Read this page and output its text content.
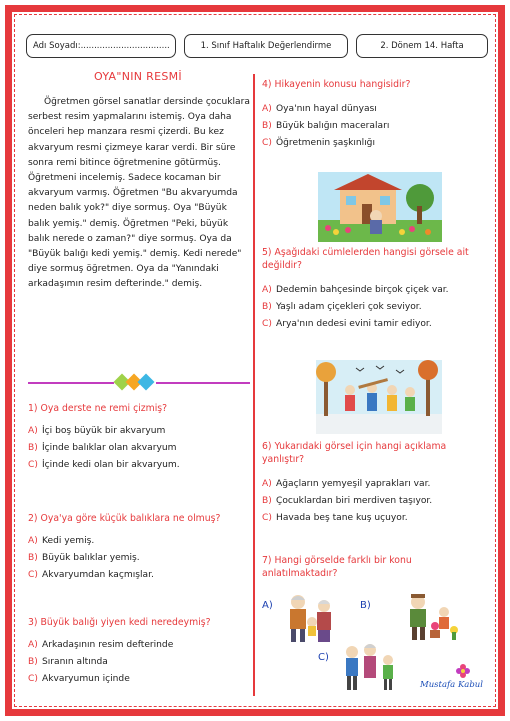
Adı Soyadı:.................................	1. Sınıf Haftalık Değerlendirme	2. Dönem 14. Hafta
OYA"NIN RESMİ

Öğretmen görsel sanatlar dersinde çocuklara serbest resim yapmalarını istemiş. Oya daha önceleri hep manzara resmi çizerdi. Bu kez akvaryum resmi çizmeye karar verdi. Bir süre sonra remi bitince öğretmenine götürmüş. Öğretmeni incelemiş. Sadece kocaman bir akvaryum varmış. Öğretmen "Bu akvaryumda neden balık yok?" diye sormuş. Oya "Büyük balık yemiş." demiş. Öğretmen "Peki, büyük balık nerede o zaman?" diye sormuş. Oya da "Büyük balığı kedi yemiş." demiş. Kedi nerede" diye sormuş öğretmen. Oya da "Yanındaki arkadaşımın resim defterinde." demiş.

1) Oya derste ne remi çizmiş?
A) İçi boş büyük bir akvaryum
B) İçinde balıklar olan akvaryum
C) İçinde kedi olan bir akvaryum.
2) Oya'ya göre küçük balıklara ne olmuş?
A) Kedi yemiş.
B) Büyük balıklar yemiş.
C) Akvaryumdan kaçmışlar.
3) Büyük balığı yiyen kedi neredeymiş?
A) Arkadaşının resim defterinde
B) Sıranın altında
C) Akvaryumun içinde
4) Hikayenin konusu hangisidir?
A) Oya'nın hayal dünyası
B) Büyük balığın maceraları
C) Öğretmenin şaşkınlığı
5) Aşağıdaki cümlelerden hangisi görsele ait değildir?
A) Dedemin bahçesinde birçok çiçek var.
B) Yaşlı adam çiçekleri çok seviyor.
C) Arya'nın dedesi evini tamir ediyor.
6) Yukarıdaki görsel için hangi açıklama yanlıştır?
A) Ağaçların yemyeşil yaprakları var.
B) Çocuklardan biri merdiven taşıyor.
C) Havada beş tane kuş uçuyor.
7) Hangi görselde farklı bir konu anlatılmaktadır?
A)	B)
C)
Mustafa Kabul
